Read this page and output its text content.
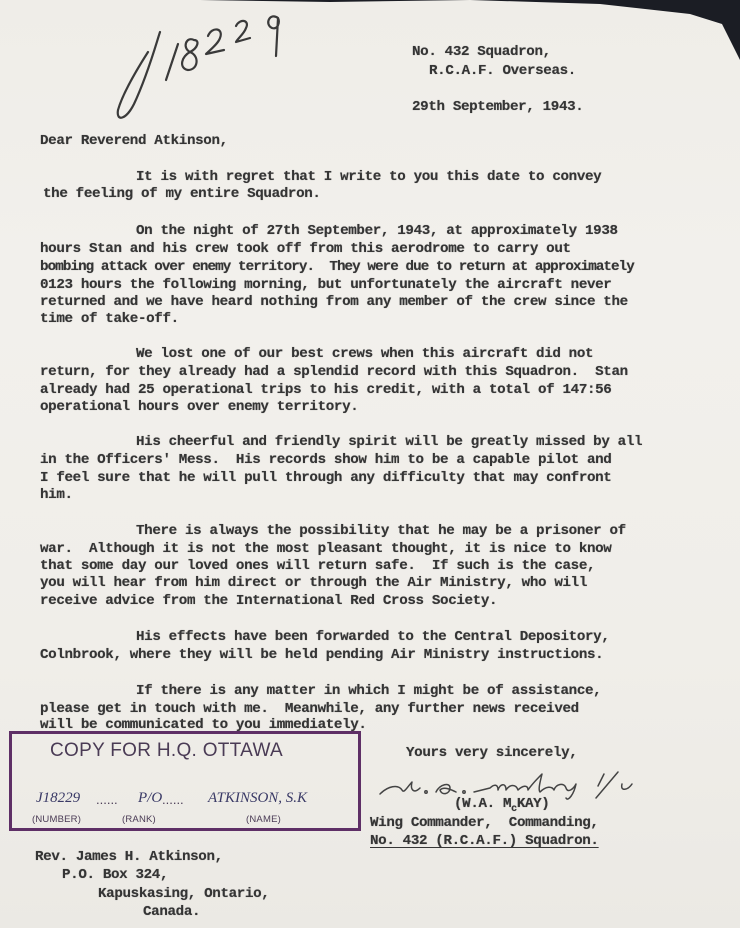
No. 432 Squadron,
R.C.A.F. Overseas.
29th September, 1943.
Dear Reverend Atkinson,
It is with regret that I write to you this date to convey
the feeling of my entire Squadron.
On the night of 27th September, 1943, at approximately 1938
hours Stan and his crew took off from this aerodrome to carry out
bombing attack over enemy territory.  They were due to return at approximately
0123 hours the following morning, but unfortunately the aircraft never
returned and we have heard nothing from any member of the crew since the
time of take-off.
We lost one of our best crews when this aircraft did not
return, for they already had a splendid record with this Squadron.  Stan
already had 25 operational trips to his credit, with a total of 147:56
operational hours over enemy territory.
His cheerful and friendly spirit will be greatly missed by all
in the Officers' Mess.  His records show him to be a capable pilot and
I feel sure that he will pull through any difficulty that may confront
him.
There is always the possibility that he may be a prisoner of
war.  Although it is not the most pleasant thought, it is nice to know
that some day our loved ones will return safe.  If such is the case,
you will hear from him direct or through the Air Ministry, who will
receive advice from the International Red Cross Society.
His effects have been forwarded to the Central Depository,
Colnbrook, where they will be held pending Air Ministry instructions.
If there is any matter in which I might be of assistance,
please get in touch with me.  Meanwhile, any further news received
will be communicated to you immediately.
COPY FOR H.Q. OTTAWA
J18229 ...... P/O ...... ATKINSON, S.K
(NUMBER)	(RANK)	(NAME)
Yours very sincerely,
(W.A. $M_cKAY$)
Wing Commander,  Commanding,
No. 432 (R.C.A.F.) Squadron.
Rev. James H. Atkinson,
P.O. Box 324,
Kapuskasing, Ontario,
Canada.
